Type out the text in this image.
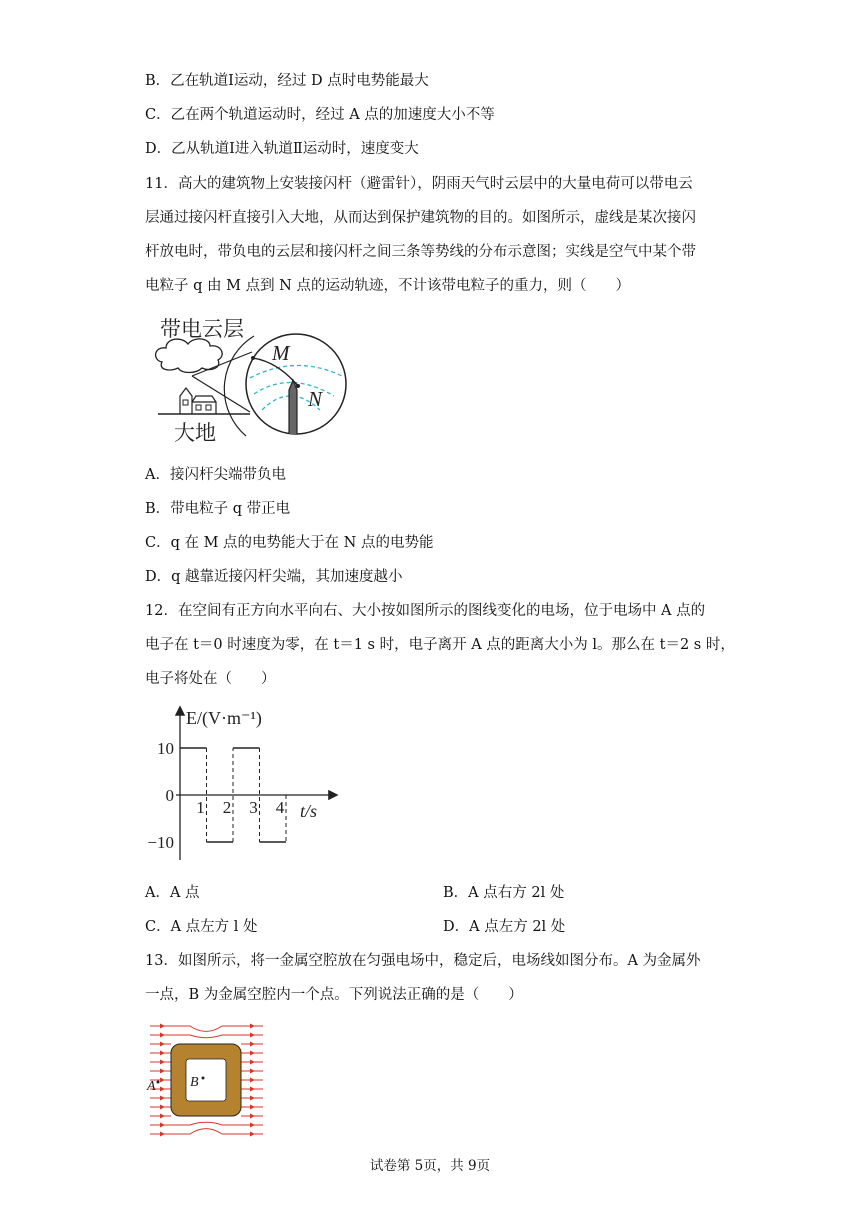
B．乙在轨道Ⅰ运动，经过 D 点时电势能最大
C．乙在两个轨道运动时，经过 A 点的加速度大小不等
D．乙从轨道Ⅰ进入轨道Ⅱ运动时，速度变大
11．高大的建筑物上安装接闪杆（避雷针），阴雨天气时云层中的大量电荷可以带电云
层通过接闪杆直接引入大地，从而达到保护建筑物的目的。如图所示，虚线是某次接闪
杆放电时，带负电的云层和接闪杆之间三条等势线的分布示意图；实线是空气中某个带
电粒子 q 由 M 点到 N 点的运动轨迹，不计该带电粒子的重力，则（　　）
带电云层
大地
M
N
A．接闪杆尖端带负电
B．带电粒子 q 带正电
C．q 在 M 点的电势能大于在 N 点的电势能
D．q 越靠近接闪杆尖端，其加速度越小
12．在空间有正方向水平向右、大小按如图所示的图线变化的电场，位于电场中 A 点的
电子在 t＝0 时速度为零，在 t＝1 s 时，电子离开 A 点的距离大小为 l。那么在 t＝2 s 时，
电子将处在（　　）
E/(V·m⁻¹)
t/s
10
0
−10
1 2 3 4
A．A 点	B．A 点右方 2l 处
C．A 点左方 l 处	D．A 点左方 2l 处
13．如图所示，将一金属空腔放在匀强电场中，稳定后，电场线如图分布。A 为金属外
一点，B 为金属空腔内一个点。下列说法正确的是（　　）
B
A
试卷第 5页，共 9页
